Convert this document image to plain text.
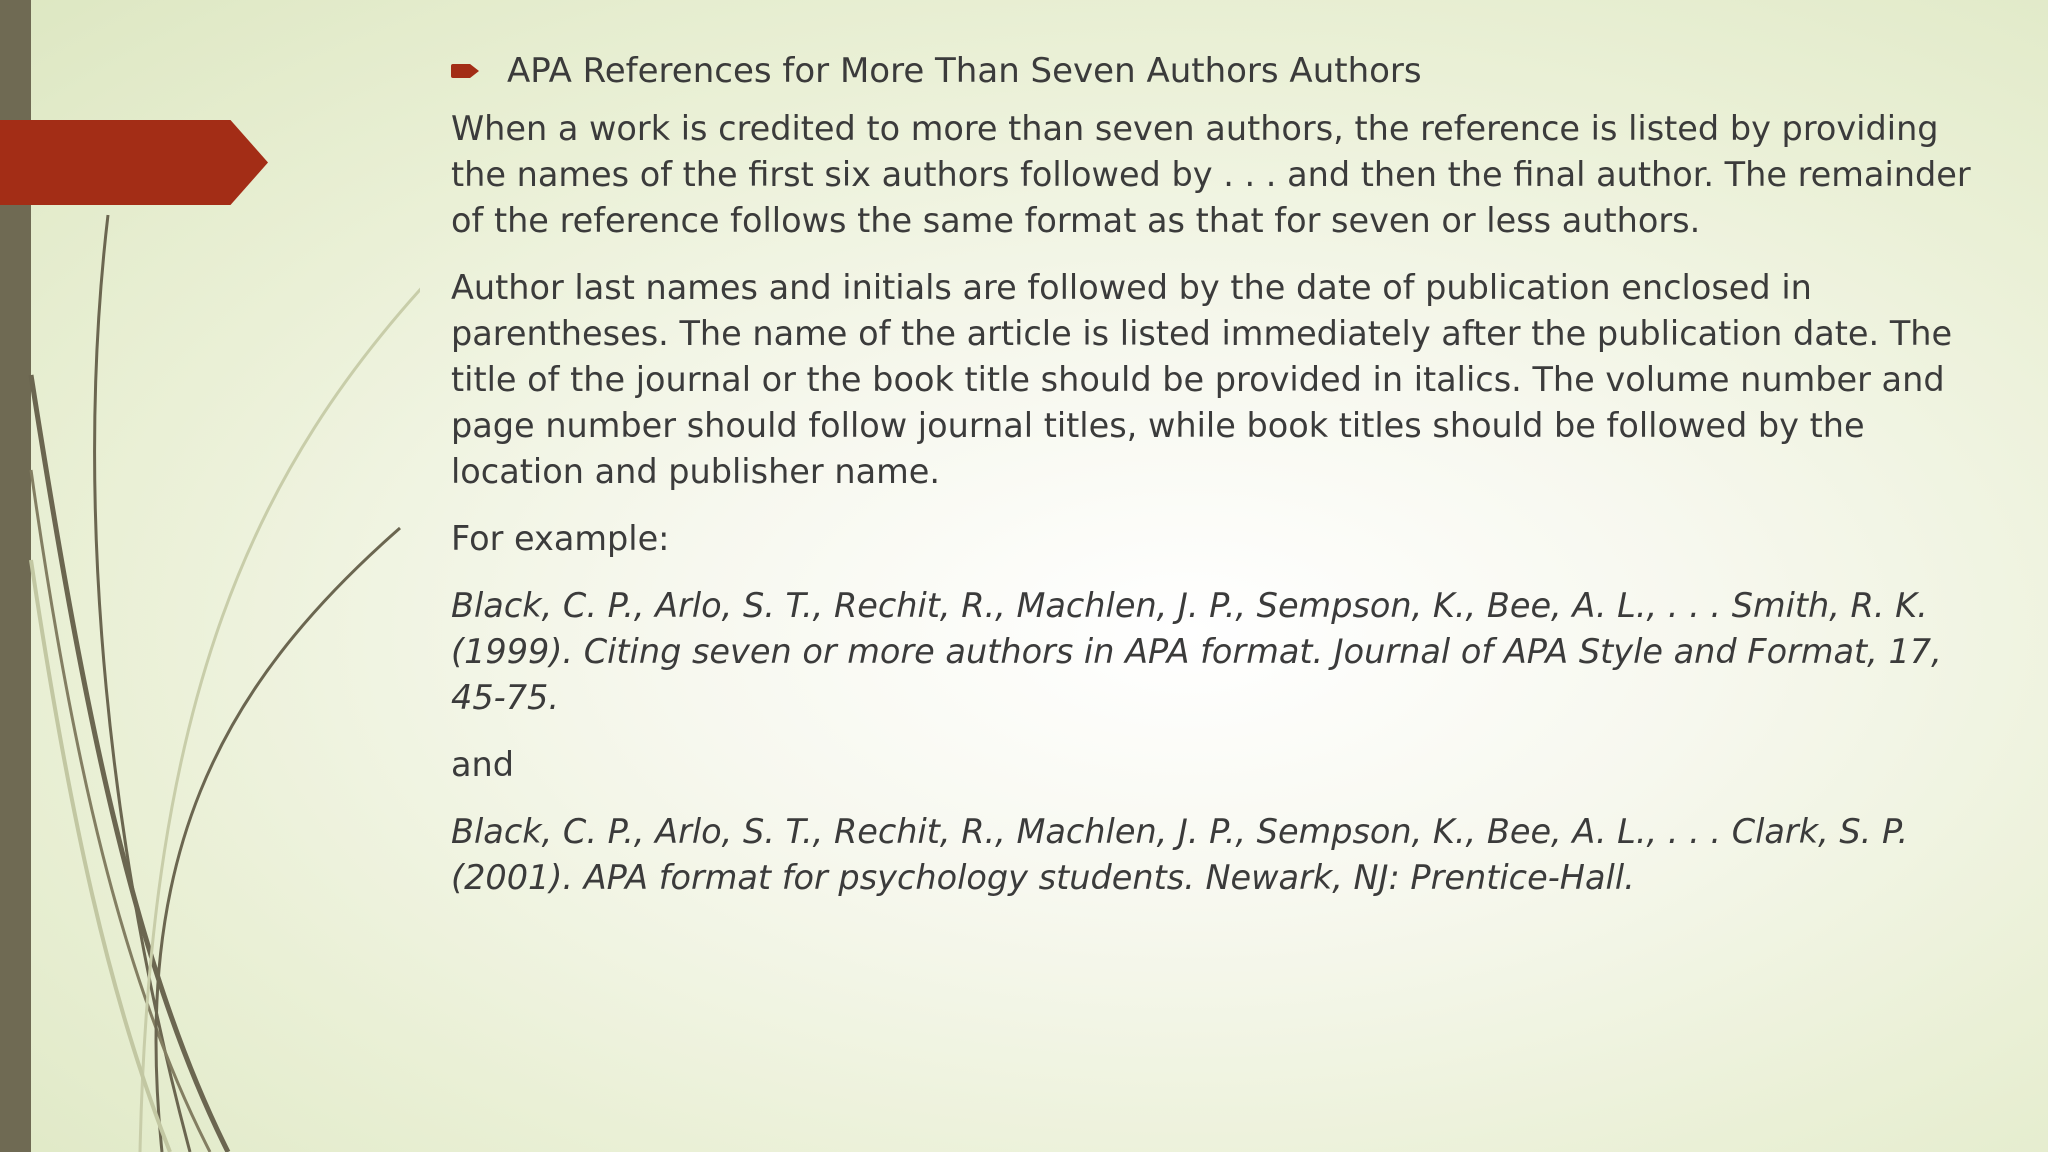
APA References for More Than Seven Authors Authors

When a work is credited to more than seven authors, the reference is listed by providing the names of the first six authors followed by . . . and then the final author. The remainder of the reference follows the same format as that for seven or less authors.

Author last names and initials are followed by the date of publication enclosed in parentheses. The name of the article is listed immediately after the publication date. The title of the journal or the book title should be provided in italics. The volume number and page number should follow journal titles, while book titles should be followed by the location and publisher name.

For example:

Black, C. P., Arlo, S. T., Rechit, R., Machlen, J. P., Sempson, K., Bee, A. L., . . . Smith, R. K. (1999). Citing seven or more authors in APA format. Journal of APA Style and Format, 17, 45-75.

and

Black, C. P., Arlo, S. T., Rechit, R., Machlen, J. P., Sempson, K., Bee, A. L., . . . Clark, S. P. (2001). APA format for psychology students. Newark, NJ: Prentice-Hall.
